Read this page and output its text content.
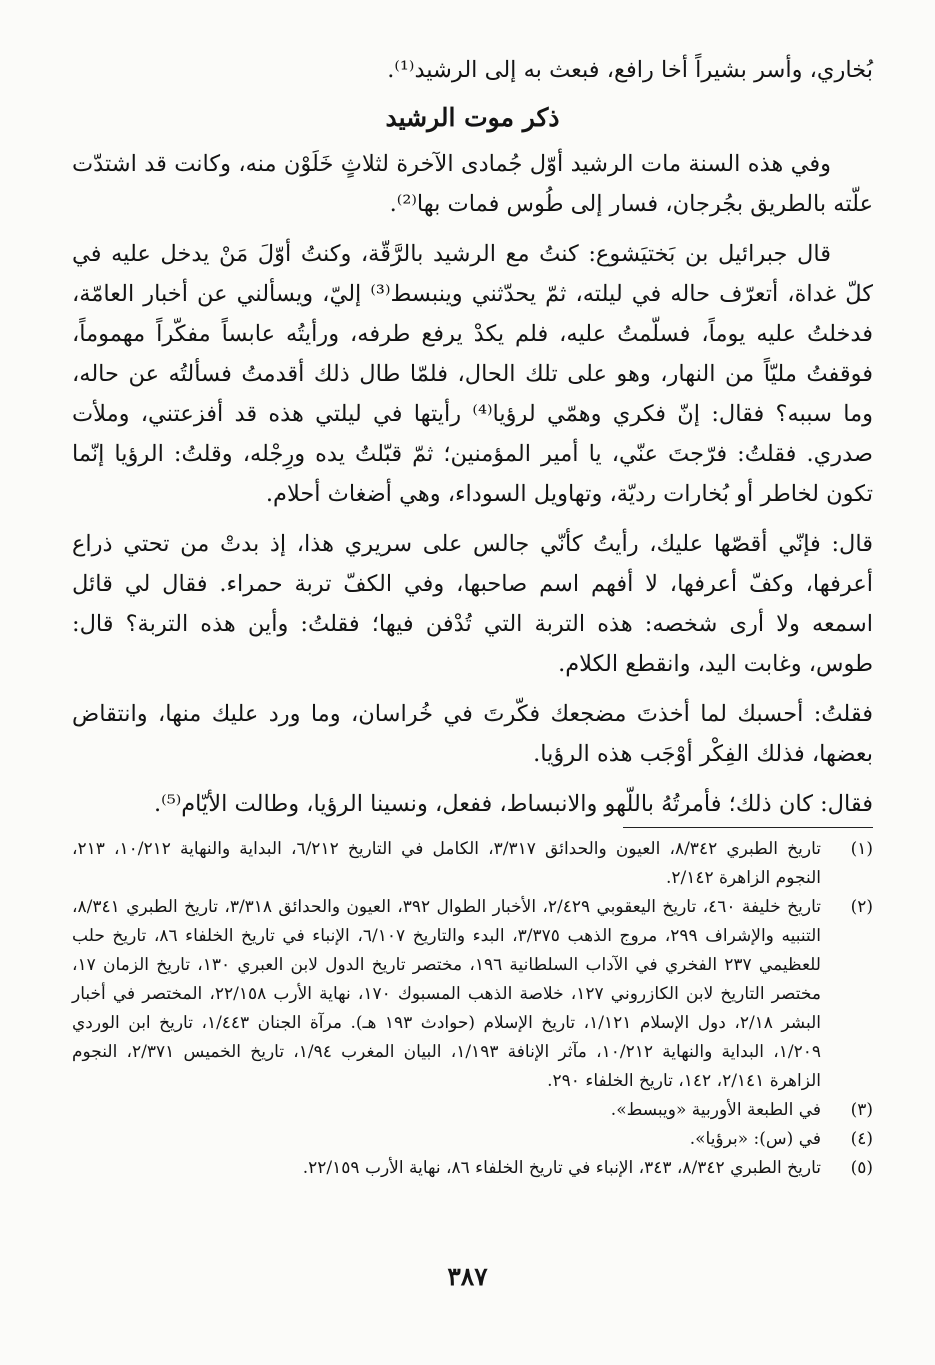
بُخاري، وأسر بشيراً أخا رافع، فبعث به إلى الرشيد⁽¹⁾.

ذكر موت الرشيد

وفي هذه السنة مات الرشيد أوّل جُمادى الآخرة لثلاثٍ خَلَوْن منه، وكانت قد اشتدّت علّته بالطريق بجُرجان، فسار إلى طُوس فمات بها⁽²⁾.

قال جبرائيل بن بَختيَشوع: كنتُ مع الرشيد بالرَّقّة، وكنتُ أوّلَ مَنْ يدخل عليه في كلّ غداة، أتعرّف حاله في ليلته، ثمّ يحدّثني وينبسط⁽³⁾ إليّ، ويسألني عن أخبار العامّة، فدخلتُ عليه يوماً، فسلّمتُ عليه، فلم يكدْ يرفع طرفه، ورأيتُه عابساً مفكّراً مهموماً، فوقفتُ مليّاً من النهار، وهو على تلك الحال، فلمّا طال ذلك أقدمتُ فسألتُه عن حاله، وما سببه؟ فقال: إنّ فكري وهمّي لرؤيا⁽⁴⁾ رأيتها في ليلتي هذه قد أفزعتني، وملأت صدري. فقلتُ: فرّجتَ عنّي، يا أمير المؤمنين؛ ثمّ قبّلتُ يده ورِجْله، وقلتُ: الرؤيا إنّما تكون لخاطر أو بُخارات رديّة، وتهاويل السوداء، وهي أضغاث أحلام.

قال: فإنّي أقصّها عليك، رأيتُ كأنّي جالس على سريري هذا، إذ بدتْ من تحتي ذراع أعرفها، وكفّ أعرفها، لا أفهم اسم صاحبها، وفي الكفّ تربة حمراء. فقال لي قائل اسمعه ولا أرى شخصه: هذه التربة التي تُدْفن فيها؛ فقلتُ: وأين هذه التربة؟ قال: طوس، وغابت اليد، وانقطع الكلام.

فقلتُ: أحسبك لما أخذتَ مضجعك فكّرتَ في خُراسان، وما ورد عليك منها، وانتقاض بعضها، فذلك الفِكْر أوْجَب هذه الرؤيا.

فقال: كان ذلك؛ فأمرتُهُ باللّهو والانبساط، ففعل، ونسينا الرؤيا، وطالت الأيّام⁽⁵⁾.

(١)
تاريخ الطبري ٨/٣٤٢، العيون والحدائق ٣/٣١٧، الكامل في التاريخ ٦/٢١٢، البداية والنهاية ١٠/٢١٢، ٢١٣، النجوم الزاهرة ٢/١٤٢.
(٢)
تاريخ خليفة ٤٦٠، تاريخ اليعقوبي ٢/٤٢٩، الأخبار الطوال ٣٩٢، العيون والحدائق ٣/٣١٨، تاريخ الطبري ٨/٣٤١، التنبيه والإشراف ٢٩٩، مروج الذهب ٣/٣٧٥، البدء والتاريخ ٦/١٠٧، الإنباء في تاريخ الخلفاء ٨٦، تاريخ حلب للعظيمي ٢٣٧ الفخري في الآداب السلطانية ١٩٦، مختصر تاريخ الدول لابن العبري ١٣٠، تاريخ الزمان ١٧، مختصر التاريخ لابن الكازروني ١٢٧، خلاصة الذهب المسبوك ١٧٠، نهاية الأرب ٢٢/١٥٨، المختصر في أخبار البشر ٢/١٨، دول الإسلام ١/١٢١، تاريخ الإسلام (حوادث ١٩٣ هـ). مرآة الجنان ١/٤٤٣، تاريخ ابن الوردي ١/٢٠٩، البداية والنهاية ١٠/٢١٢، مآثر الإنافة ١/١٩٣، البيان المغرب ١/٩٤، تاريخ الخميس ٢/٣٧١، النجوم الزاهرة ٢/١٤١، ١٤٢، تاريخ الخلفاء ٢٩٠.
(٣)
في الطبعة الأوربية «ويبسط».
(٤)
في (س): «برؤيا».
(٥)
تاريخ الطبري ٨/٣٤٢، ٣٤٣، الإنباء في تاريخ الخلفاء ٨٦، نهاية الأرب ٢٢/١٥٩.
٣٨٧
